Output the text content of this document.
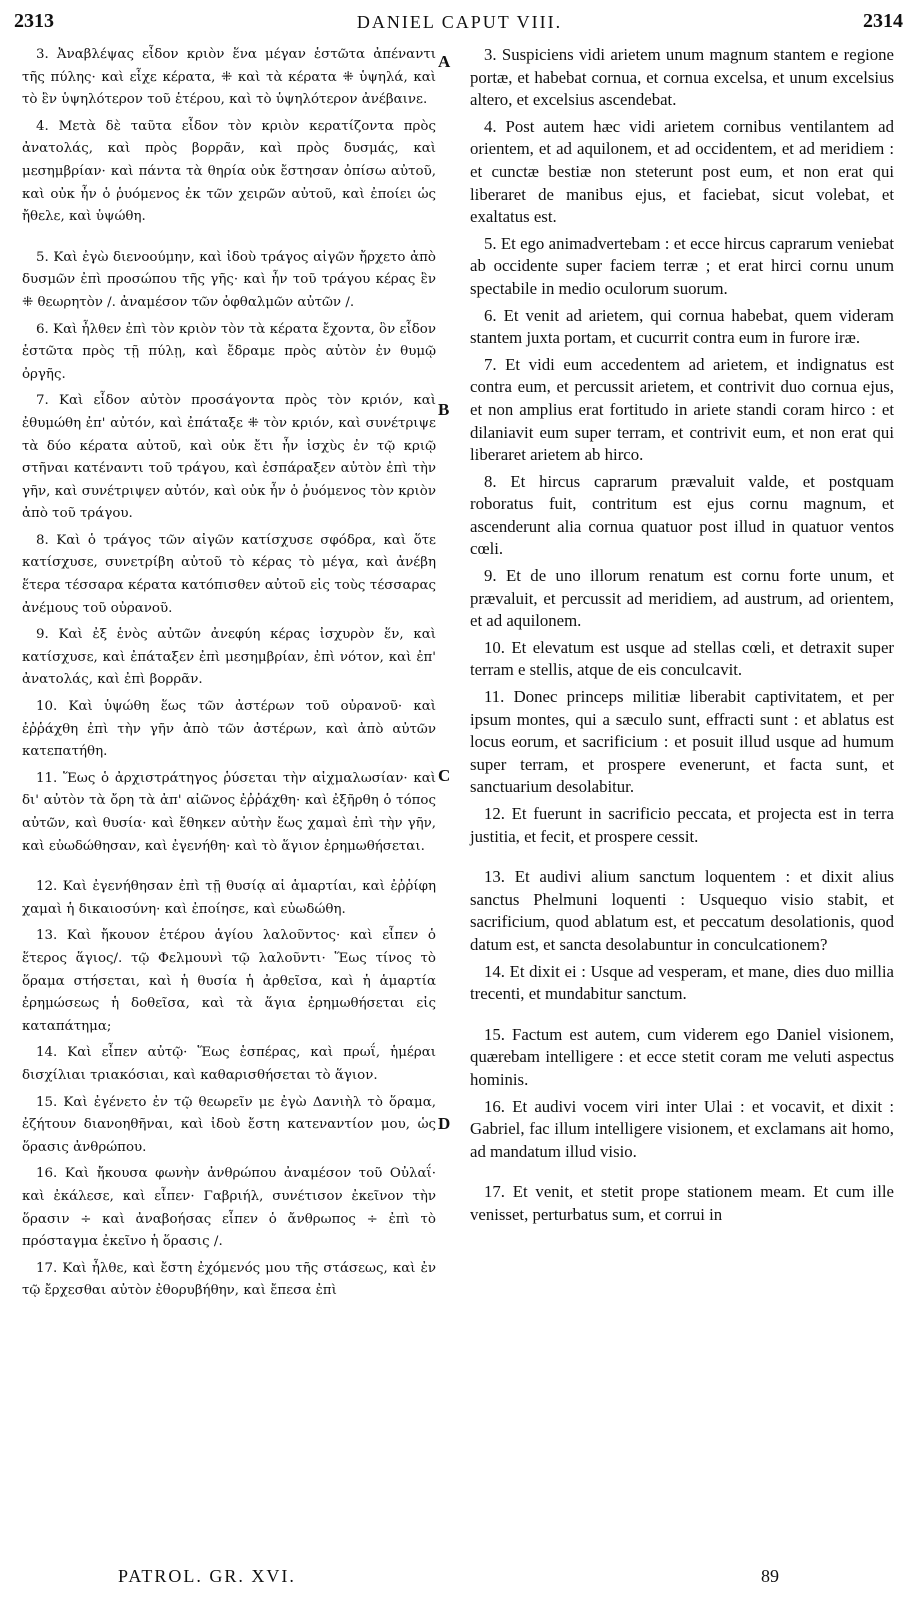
2313	DANIEL CAPUT VIII.	2314

3. Ἀναβλέψας εἶδον κριὸν ἕνα μέγαν ἑστῶτα ἀπέναντι τῆς πύλης· καὶ εἶχε κέρατα, ⁜ καὶ τὰ κέρατα ⁜ ὑψηλά, καὶ τὸ ἓν ὑψηλότερον τοῦ ἑτέρου, καὶ τὸ ὑψηλότερον ἀνέβαινε.

4. Μετὰ δὲ ταῦτα εἶδον τὸν κριὸν κερατίζοντα πρὸς ἀνατολάς, καὶ πρὸς βορρᾶν, καὶ πρὸς δυσμάς, καὶ μεσημβρίαν· καὶ πάντα τὰ θηρία οὐκ ἔστησαν ὀπίσω αὐτοῦ, καὶ οὐκ ἦν ὁ ῥυόμενος ἐκ τῶν χειρῶν αὐτοῦ, καὶ ἐποίει ὡς ἤθελε, καὶ ὑψώθη.

5. Καὶ ἐγὼ διενοούμην, καὶ ἰδοὺ τράγος αἰγῶν ἤρχετο ἀπὸ δυσμῶν ἐπὶ προσώπου τῆς γῆς· καὶ ἦν τοῦ τράγου κέρας ἓν ⁜ θεωρητὸν /. ἀναμέσον τῶν ὀφθαλμῶν αὐτῶν /.

6. Καὶ ἦλθεν ἐπὶ τὸν κριὸν τὸν τὰ κέρατα ἔχοντα, ὃν εἶδον ἑστῶτα πρὸς τῇ πύλῃ, καὶ ἔδραμε πρὸς αὐτὸν ἐν θυμῷ ὀργῆς.

7. Καὶ εἶδον αὐτὸν προσάγοντα πρὸς τὸν κριόν, καὶ ἐθυμώθη ἐπ' αὐτόν, καὶ ἐπάταξε ⁜ τὸν κριόν, καὶ συνέτριψε τὰ δύο κέρατα αὐτοῦ, καὶ οὐκ ἔτι ἦν ἰσχὺς ἐν τῷ κριῷ στῆναι κατέναντι τοῦ τράγου, καὶ ἐσπάραξεν αὐτὸν ἐπὶ τὴν γῆν, καὶ συνέτριψεν αὐτόν, καὶ οὐκ ἦν ὁ ῥυόμενος τὸν κριὸν ἀπὸ τοῦ τράγου.

8. Καὶ ὁ τράγος τῶν αἰγῶν κατίσχυσε σφόδρα, καὶ ὅτε κατίσχυσε, συνετρίβη αὐτοῦ τὸ κέρας τὸ μέγα, καὶ ἀνέβη ἕτερα τέσσαρα κέρατα κατόπισθεν αὐτοῦ εἰς τοὺς τέσσαρας ἀνέμους τοῦ οὐρανοῦ.

9. Καὶ ἐξ ἑνὸς αὐτῶν ἀνεφύη κέρας ἰσχυρὸν ἕν, καὶ κατίσχυσε, καὶ ἐπάταξεν ἐπὶ μεσημβρίαν, ἐπὶ νότον, καὶ ἐπ' ἀνατολάς, καὶ ἐπὶ βορρᾶν.

10. Καὶ ὑψώθη ἕως τῶν ἀστέρων τοῦ οὐρανοῦ· καὶ ἐῤῥάχθη ἐπὶ τὴν γῆν ἀπὸ τῶν ἀστέρων, καὶ ἀπὸ αὐτῶν κατεπατήθη.

11. Ἕως ὁ ἀρχιστράτηγος ῥύσεται τὴν αἰχμαλωσίαν· καὶ δι' αὐτὸν τὰ ὄρη τὰ ἀπ' αἰῶνος ἐῤῥάχθη· καὶ ἐξῆρθη ὁ τόπος αὐτῶν, καὶ θυσία· καὶ ἔθηκεν αὐτὴν ἕως χαμαὶ ἐπὶ τὴν γῆν, καὶ εὐωδώθησαν, καὶ ἐγενήθη· καὶ τὸ ἅγιον ἐρημωθήσεται.

12. Καὶ ἐγενήθησαν ἐπὶ τῇ θυσίᾳ αἱ ἁμαρτίαι, καὶ ἐῤῥίφη χαμαὶ ἡ δικαιοσύνη· καὶ ἐποίησε, καὶ εὐωδώθη.

13. Καὶ ἤκουον ἑτέρου ἁγίου λαλοῦντος· καὶ εἶπεν ὁ ἕτερος ἅγιος/. τῷ Φελμουνὶ τῷ λαλοῦντι· Ἕως τίνος τὸ ὅραμα στήσεται, καὶ ἡ θυσία ἡ ἀρθεῖσα, καὶ ἡ ἁμαρτία ἐρημώσεως ἡ δοθεῖσα, καὶ τὰ ἅγια ἐρημωθήσεται εἰς καταπάτημα;

14. Καὶ εἶπεν αὐτῷ· Ἕως ἑσπέρας, καὶ πρωΐ, ἡμέραι δισχίλιαι τριακόσιαι, καὶ καθαρισθήσεται τὸ ἅγιον.

15. Καὶ ἐγένετο ἐν τῷ θεωρεῖν με ἐγὼ Δανιὴλ τὸ ὅραμα, ἐζήτουν διανοηθῆναι, καὶ ἰδοὺ ἔστη κατεναντίον μου, ὡς ὅρασις ἀνθρώπου.

16. Καὶ ἤκουσα φωνὴν ἀνθρώπου ἀναμέσον τοῦ Οὐλαΐ· καὶ ἐκάλεσε, καὶ εἶπεν· Γαβριήλ, συνέτισον ἐκεῖνον τὴν ὅρασιν ÷ καὶ ἀναβοήσας εἶπεν ὁ ἄνθρωπος ÷ ἐπὶ τὸ πρόσταγμα ἐκεῖνο ἡ ὅρασις /.

17. Καὶ ἦλθε, καὶ ἔστη ἐχόμενός μου τῆς στάσεως, καὶ ἐν τῷ ἔρχεσθαι αὐτὸν ἐθορυβήθην, καὶ ἔπεσα ἐπὶ

3. Suspiciens vidi arietem unum magnum stantem e regione portæ, et habebat cornua, et cornua excelsa, et unum excelsius altero, et excelsius ascendebat.

4. Post autem hæc vidi arietem cornibus ventilantem ad orientem, et ad aquilonem, et ad occidentem, et ad meridiem : et cunctæ bestiæ non steterunt post eum, et non erat qui liberaret de manibus ejus, et faciebat, sicut volebat, et exaltatus est.

5. Et ego animadvertebam : et ecce hircus caprarum veniebat ab occidente super faciem terræ ; et erat hirci cornu unum spectabile in medio oculorum suorum.

6. Et venit ad arietem, qui cornua habebat, quem videram stantem juxta portam, et cucurrit contra eum in furore iræ.

7. Et vidi eum accedentem ad arietem, et indignatus est contra eum, et percussit arietem, et contrivit duo cornua ejus, et non amplius erat fortitudo in ariete standi coram hirco : et dilaniavit eum super terram, et contrivit eum, et non erat qui liberaret arietem ab hirco.

8. Et hircus caprarum prævaluit valde, et postquam roboratus fuit, contritum est ejus cornu magnum, et ascenderunt alia cornua quatuor post illud in quatuor ventos cœli.

9. Et de uno illorum renatum est cornu forte unum, et prævaluit, et percussit ad meridiem, ad austrum, ad orientem, et ad aquilonem.

10. Et elevatum est usque ad stellas cœli, et detraxit super terram e stellis, atque de eis conculcavit.

11. Donec princeps militiæ liberabit captivitatem, et per ipsum montes, qui a sæculo sunt, effracti sunt : et ablatus est locus eorum, et sacrificium : et posuit illud usque ad humum super terram, et prospere evenerunt, et facta sunt, et sanctuarium desolabitur.

12. Et fuerunt in sacrificio peccata, et projecta est in terra justitia, et fecit, et prospere cessit.

13. Et audivi alium sanctum loquentem : et dixit alius sanctus Phelmuni loquenti : Usquequo visio stabit, et sacrificium, quod ablatum est, et peccatum desolationis, quod datum est, et sancta desolabuntur in conculcationem?

14. Et dixit ei : Usque ad vesperam, et mane, dies duo millia trecenti, et mundabitur sanctum.

15. Factum est autem, cum viderem ego Daniel visionem, quærebam intelligere : et ecce stetit coram me veluti aspectus hominis.

16. Et audivi vocem viri inter Ulai : et vocavit, et dixit : Gabriel, fac illum intelligere visionem, et exclamans ait homo, ad mandatum illud visio.

17. Et venit, et stetit prope stationem meam. Et cum ille venisset, perturbatus sum, et corrui in

A
B
C
D
PATROL. GR. XVI.	89
